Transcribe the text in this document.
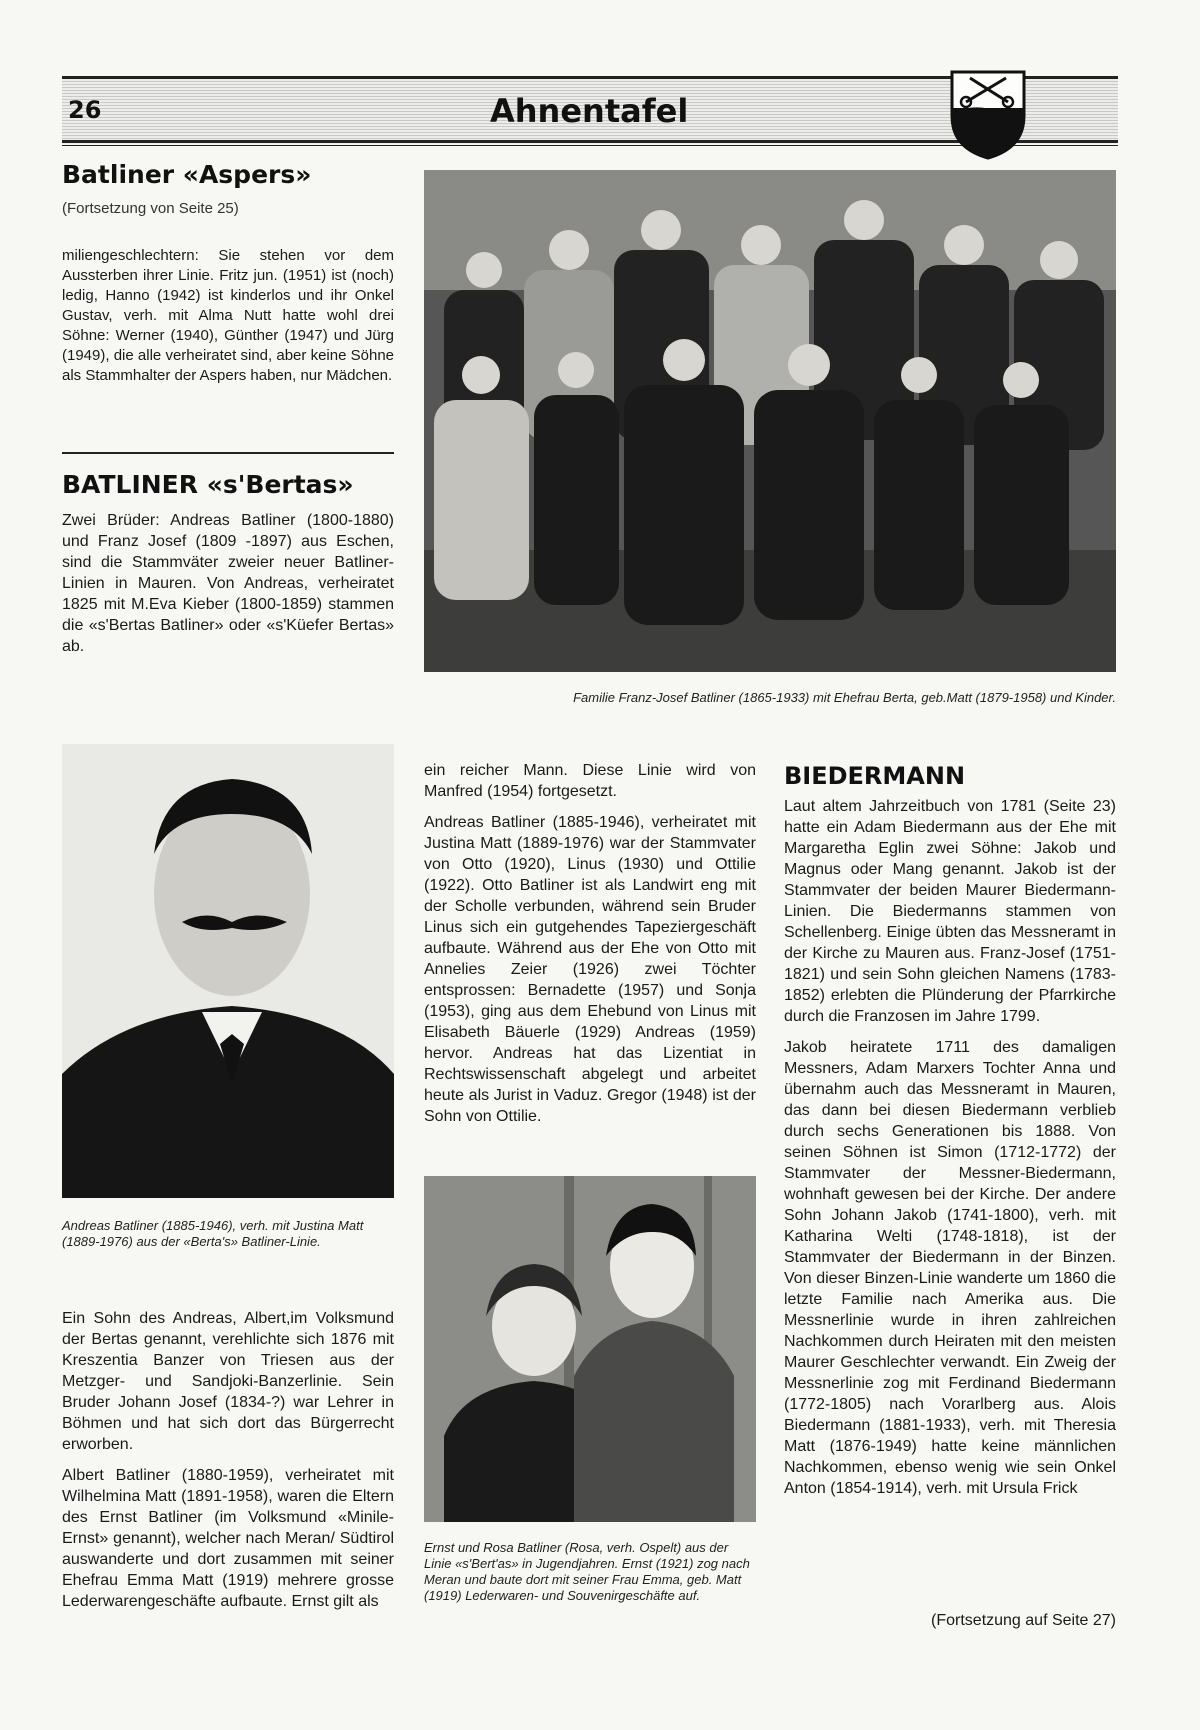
26	Ahnentafel
Batliner «Aspers»
(Fortsetzung von Seite 25)

miliengeschlechtern: Sie stehen vor dem Aussterben ihrer Linie. Fritz jun. (1951) ist (noch) ledig, Hanno (1942) ist kinderlos und ihr Onkel Gustav, verh. mit Alma Nutt hatte wohl drei Söhne: Werner (1940), Günther (1947) und Jürg (1949), die alle verheiratet sind, aber keine Söhne als Stammhalter der Aspers haben, nur Mädchen.

BATLINER «s'Bertas»

Zwei Brüder: Andreas Batliner (1800-1880) und Franz Josef (1809 -1897) aus Eschen, sind die Stammväter zweier neuer Batliner-Linien in Mauren. Von Andreas, verheiratet 1825 mit M.Eva Kieber (1800-1859) stammen die «s'Bertas Batliner» oder «s'Küefer Bertas» ab.

Familie Franz-Josef Batliner (1865-1933) mit Ehefrau Berta, geb.Matt (1879-1958) und Kinder.
Andreas Batliner (1885-1946), verh. mit Justina Matt (1889-1976) aus der «Berta's» Batliner-Linie.

Ein Sohn des Andreas, Albert,im Volksmund der Bertas genannt, verehlichte sich 1876 mit Kreszentia Banzer von Triesen aus der Metzger- und Sandjoki-Banzerlinie. Sein Bruder Johann Josef (1834-?) war Lehrer in Böhmen und hat sich dort das Bürgerrecht erworben.

Albert Batliner (1880-1959), verheiratet mit Wilhelmina Matt (1891-1958), waren die Eltern des Ernst Batliner (im Volksmund «Minile-Ernst» genannt), welcher nach Meran/ Südtirol auswanderte und dort zusammen mit seiner Ehefrau Emma Matt (1919) mehrere grosse Lederwarengeschäfte aufbaute. Ernst gilt als

ein reicher Mann. Diese Linie wird von Manfred (1954) fortgesetzt.

Andreas Batliner (1885-1946), verheiratet mit Justina Matt (1889-1976) war der Stammvater von Otto (1920), Linus (1930) und Ottilie (1922). Otto Batliner ist als Landwirt eng mit der Scholle verbunden, während sein Bruder Linus sich ein gutgehendes Tapeziergeschäft aufbaute. Während aus der Ehe von Otto mit Annelies Zeier (1926) zwei Töchter entsprossen: Bernadette (1957) und Sonja (1953), ging aus dem Ehebund von Linus mit Elisabeth Bäuerle (1929) Andreas (1959) hervor. Andreas hat das Lizentiat in Rechtswissenschaft abgelegt und arbeitet heute als Jurist in Vaduz. Gregor (1948) ist der Sohn von Ottilie.

Ernst und Rosa Batliner (Rosa, verh. Ospelt) aus der Linie «s'Bert'as» in Jugendjahren. Ernst (1921) zog nach Meran und baute dort mit seiner Frau Emma, geb. Matt (1919) Lederwaren- und Souvenirgeschäfte auf.
BIEDERMANN

Laut altem Jahrzeitbuch von 1781 (Seite 23) hatte ein Adam Biedermann aus der Ehe mit Margaretha Eglin zwei Söhne: Jakob und Magnus oder Mang genannt. Jakob ist der Stammvater der beiden Maurer Biedermann-Linien. Die Biedermanns stammen von Schellenberg. Einige übten das Messneramt in der Kirche zu Mauren aus. Franz-Josef (1751-1821) und sein Sohn gleichen Namens (1783-1852) erlebten die Plünderung der Pfarrkirche durch die Franzosen im Jahre 1799.

Jakob heiratete 1711 des damaligen Messners, Adam Marxers Tochter Anna und übernahm auch das Messneramt in Mauren, das dann bei diesen Biedermann verblieb durch sechs Generationen bis 1888. Von seinen Söhnen ist Simon (1712-1772) der Stammvater der Messner-Biedermann, wohnhaft gewesen bei der Kirche. Der andere Sohn Johann Jakob (1741-1800), verh. mit Katharina Welti (1748-1818), ist der Stammvater der Biedermann in der Binzen. Von dieser Binzen-Linie wanderte um 1860 die letzte Familie nach Amerika aus. Die Messnerlinie wurde in ihren zahlreichen Nachkommen durch Heiraten mit den meisten Maurer Geschlechter verwandt. Ein Zweig der Messnerlinie zog mit Ferdinand Biedermann (1772-1805) nach Vorarlberg aus. Alois Biedermann (1881-1933), verh. mit Theresia Matt (1876-1949) hatte keine männlichen Nachkommen, ebenso wenig wie sein Onkel Anton (1854-1914), verh. mit Ursula Frick

(Fortsetzung auf Seite 27)
